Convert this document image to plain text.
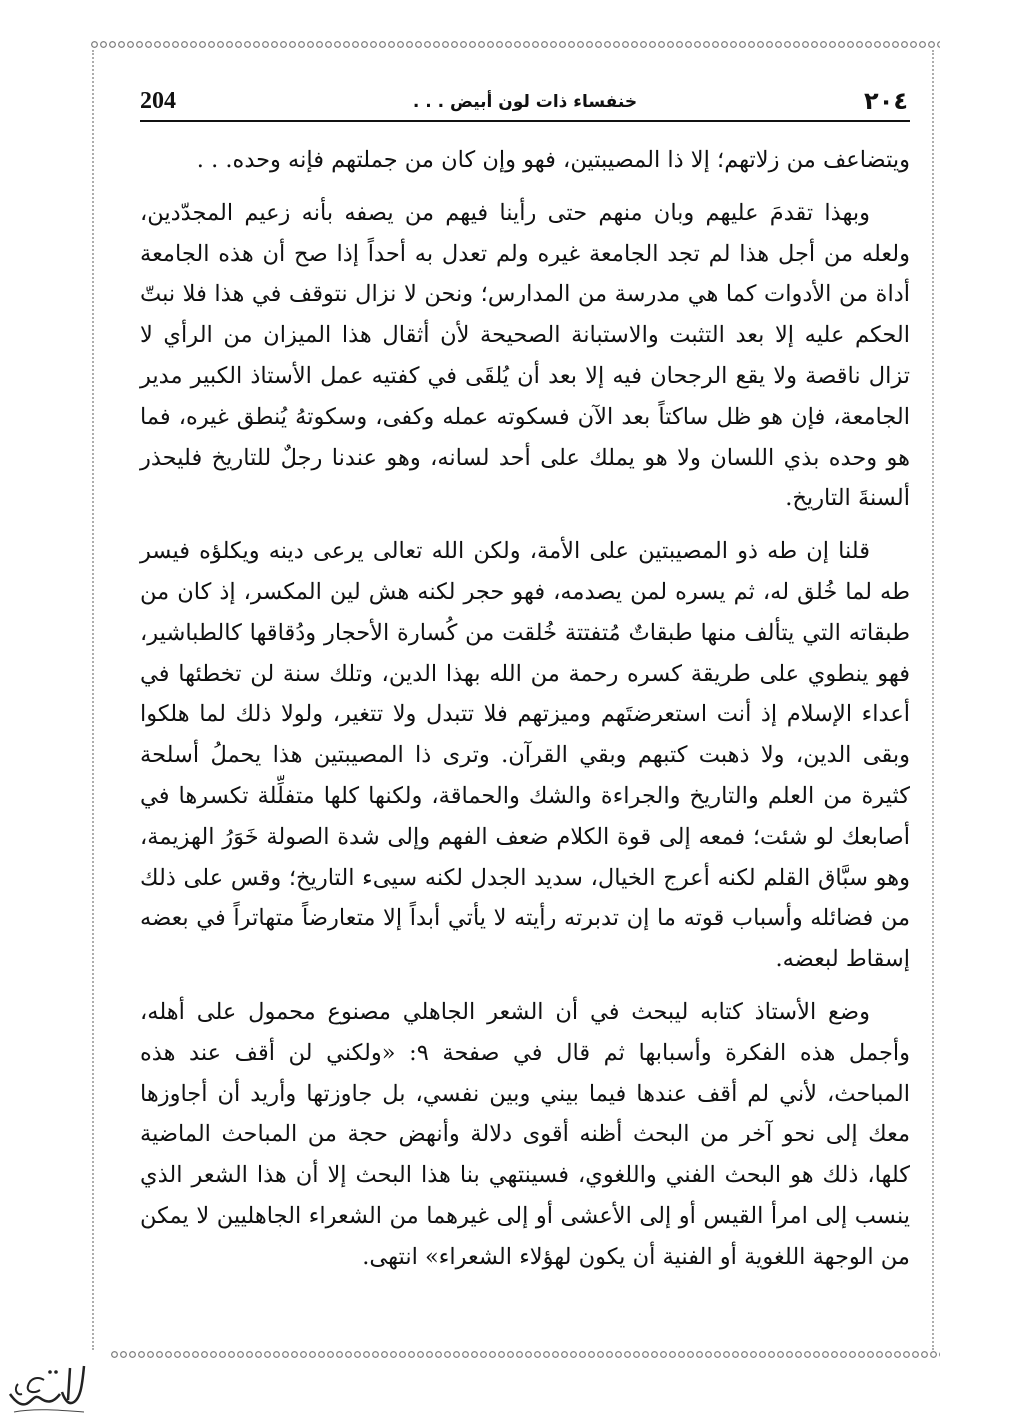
204	خنفساء ذات لون أبيض . . .	٢٠٤

ويتضاعف من زلاتهم؛ إلا ذا المصيبتين، فهو وإن كان من جملتهم فإنه وحده. . .

وبهذا تقدمَ عليهم وبان منهم حتى رأينا فيهم من يصفه بأنه زعيم المجدّدين، ولعله من أجل هذا لم تجد الجامعة غيره ولم تعدل به أحداً إذا صح أن هذه الجامعة أداة من الأدوات كما هي مدرسة من المدارس؛ ونحن لا نزال نتوقف في هذا فلا نبتّ الحكم عليه إلا بعد التثبت والاستبانة الصحيحة لأن أثقال هذا الميزان من الرأي لا تزال ناقصة ولا يقع الرجحان فيه إلا بعد أن يُلقَى في كفتيه عمل الأستاذ الكبير مدير الجامعة، فإن هو ظل ساكتاً بعد الآن فسكوته عمله وكفى، وسكوتهُ يُنطق غيره، فما هو وحده بذي اللسان ولا هو يملك على أحد لسانه، وهو عندنا رجلٌ للتاريخ فليحذر ألسنةَ التاريخ.

قلنا إن طه ذو المصيبتين على الأمة، ولكن الله تعالى يرعى دينه ويكلؤه فيسر طه لما خُلق له، ثم يسره لمن يصدمه، فهو حجر لكنه هش لين المكسر، إذ كان من طبقاته التي يتألف منها طبقاتٌ مُتفتتة خُلقت من كُسارة الأحجار ودُقاقها كالطباشير، فهو ينطوي على طريقة كسره رحمة من الله بهذا الدين، وتلك سنة لن تخطئها في أعداء الإسلام إذ أنت استعرضتَهم وميزتهم فلا تتبدل ولا تتغير، ولولا ذلك لما هلكوا وبقى الدين، ولا ذهبت كتبهم وبقي القرآن. وترى ذا المصيبتين هذا يحملُ أسلحة كثيرة من العلم والتاريخ والجراءة والشك والحماقة، ولكنها كلها متفلِّلة تكسرها في أصابعك لو شئت؛ فمعه إلى قوة الكلام ضعف الفهم وإلى شدة الصولة خَوَرُ الهزيمة، وهو سبَّاق القلم لكنه أعرج الخيال، سديد الجدل لكنه سيىء التاريخ؛ وقس على ذلك من فضائله وأسباب قوته ما إن تدبرته رأيته لا يأتي أبداً إلا متعارضاً متهاتراً في بعضه إسقاط لبعضه.

وضع الأستاذ كتابه ليبحث في أن الشعر الجاهلي مصنوع محمول على أهله، وأجمل هذه الفكرة وأسبابها ثم قال في صفحة ٩: «ولكني لن أقف عند هذه المباحث، لأني لم أقف عندها فيما بيني وبين نفسي، بل جاوزتها وأريد أن أجاوزها معك إلى نحو آخر من البحث أظنه أقوى دلالة وأنهض حجة من المباحث الماضية كلها، ذلك هو البحث الفني واللغوي، فسينتهي بنا هذا البحث إلا أن هذا الشعر الذي ينسب إلى امرأ القيس أو إلى الأعشى أو إلى غيرهما من الشعراء الجاهليين لا يمكن من الوجهة اللغوية أو الفنية أن يكون لهؤلاء الشعراء» انتهى.
